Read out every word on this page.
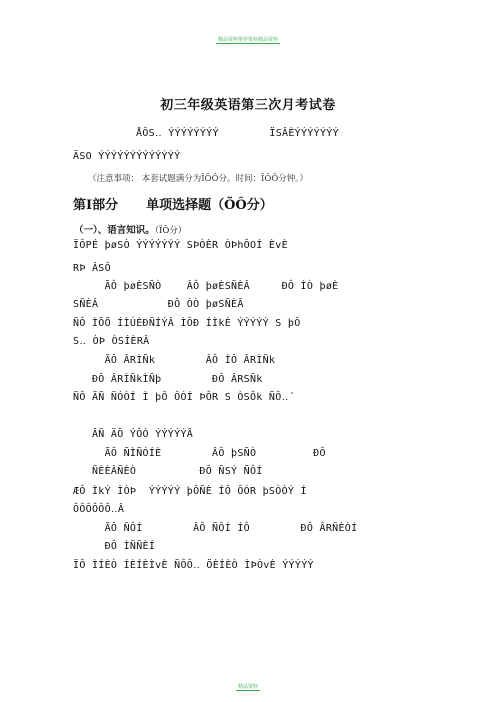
精品资料推荐资料精品资料
初三年级英语第三次月考试卷
ÅÔS‥ ÝÝÝÝÝÝÝÝ        ÏSÂÈÝÝÝÝÝÝÝ
ÄSO ÝÝÝÝÝÝÝÝÝÝÝÝÝ
（注意事项： 本套试题满分为ÏÔÔ分。时间：ÏÔÔ分钟。）
第Ⅰ部分 单项选择题（ÕÔ分）
（一）、语言知识。（ÏÔ分）
ÏÔPÉ þøSÒ ÝÝÝÝÝÝÝ SÞÒÈR ÒÞhÔOÍ ÈvÈ
RÞ ÂSÔ
ÃÔ þøÈSÑÒ    ÂÔ þøÈSÑÈÂ     ÐÔ ÌÒ þøÈ
SÑÈÂ           ÐÔ ÒÒ þøSÑÈÂ
ÑÔ ÌÕÕ ÍÌÚÈÐÑÍÝÂ ÌÔÐ ÍÌkÈ ÝÝÝÝÝ S þÔ
S‥ ÒÞ ÒSÍÈRÂ
ÃÔ ÂRÌÑk        ÂÔ ÍÔ ÂRÌÑk
ÐÔ ÂRÌÑkÌÑþ        ÐÔ ÂRSÑk
ÑÔ ÃÑ ÑÓÒÍ Ì þÔ ÔÓÍ ÞÔR S ÒSÔk ÑÔ‥´
ÂÑ ÄÔ ÝÔÓ ÝÝÝÝÝÂ
ÃÔ ÑÌÑÓÍÈ        ÂÔ þSÑÒ         ÐÔ
ÑÈÈÂÑÈÒ          ÐÔ ÑSÝ ÑÔÍ
ÆÔ ÌkÝ ÌÒÞ  ÝÝÝÝÝ þÔÑÈ ÍÔ ÔÓR þSÒÒÝ Í
ÔÔÔÔÔÔ‥Â
ÃÔ ÑÔÍ        ÂÔ ÑÔÍ ÍÔ        ÐÔ ÂRÑÈÒÍ
ÐÔ ÌÑÑÈÍ
ÏÔ ÌÍÈÒ ÍÈÍÈÌvÈ ÑÔÔ‥ ÖÈÍÈÒ ÌÞÒvÈ ÝÝÝÝÝ
精品资料
